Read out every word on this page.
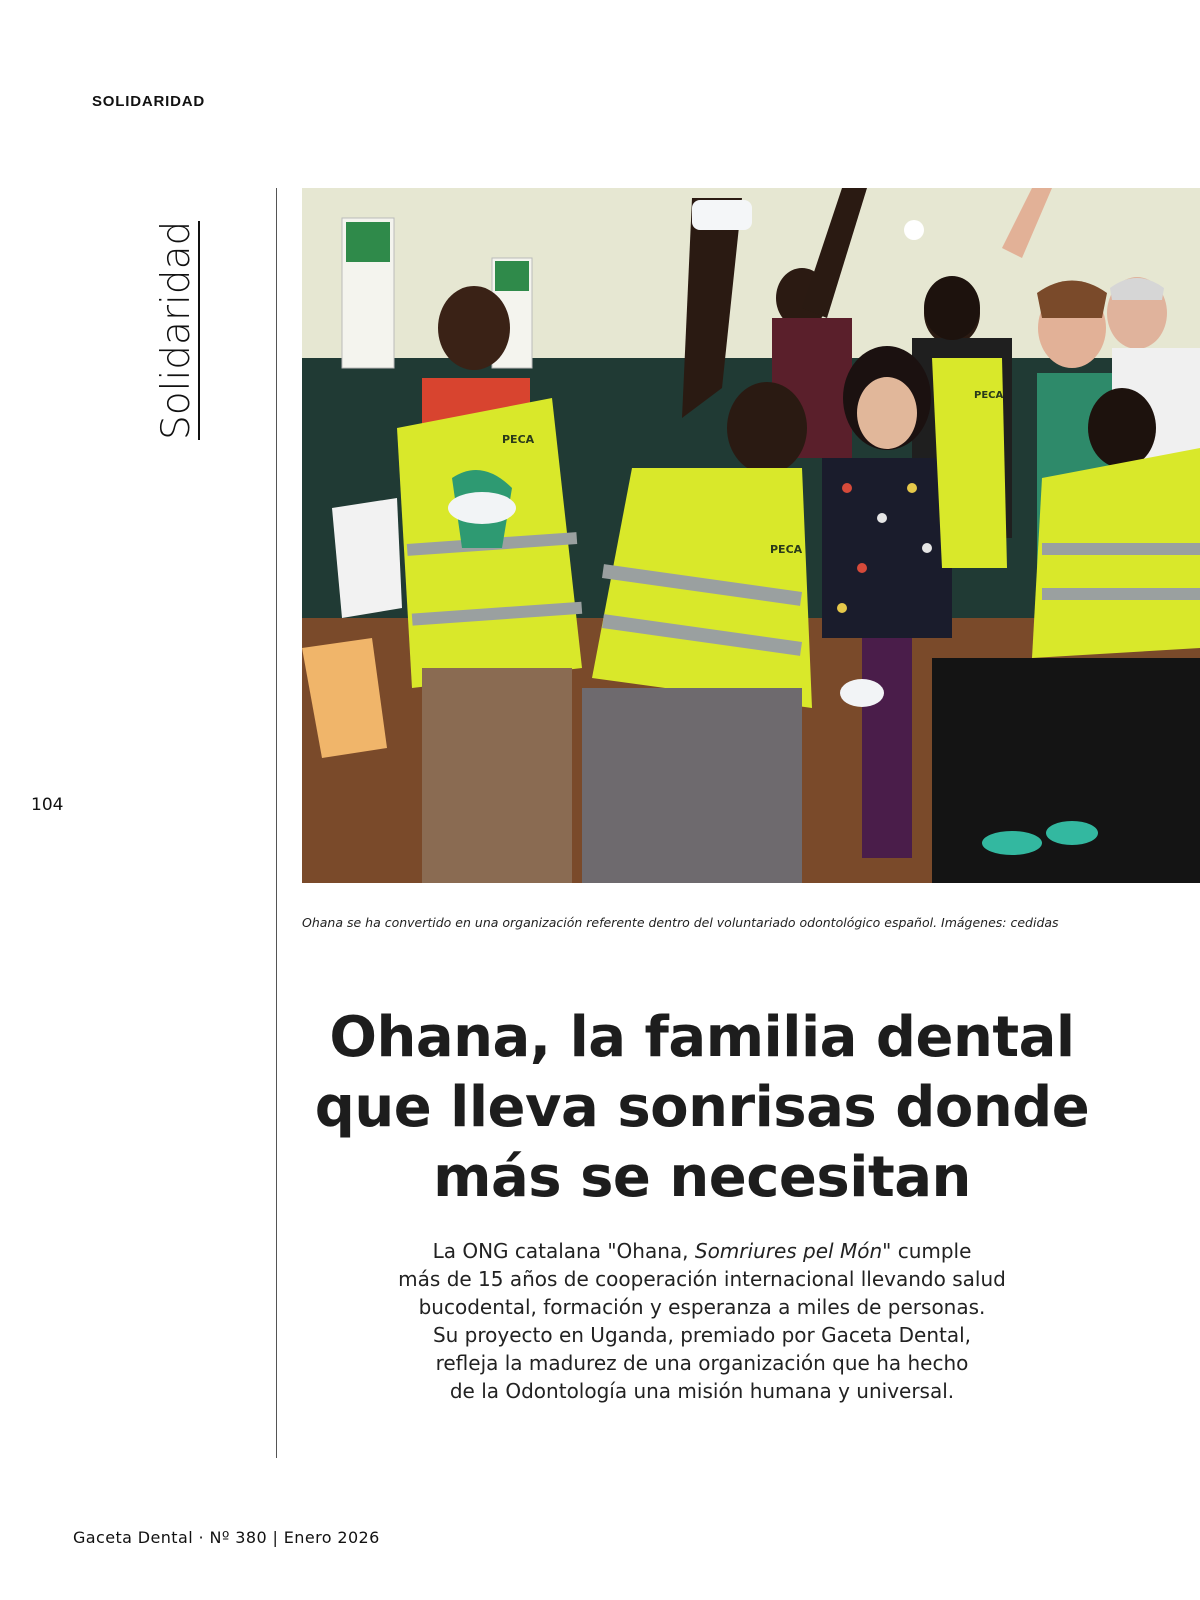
SOLIDARIDAD
Solidaridad
104
PECA
PECA
PECA
Ohana se ha convertido en una organización referente dentro del voluntariado odontológico español. Imágenes: cedidas
Ohana, la familia dental
que lleva sonrisas donde
más se necesitan

La ONG catalana "Ohana, Somriures pel Món" cumple
más de 15 años de cooperación internacional llevando salud
bucodental, formación y esperanza a miles de personas.
Su proyecto en Uganda, premiado por Gaceta Dental,
refleja la madurez de una organización que ha hecho
de la Odontología una misión humana y universal.

Gaceta Dental · Nº 380 | Enero 2026
